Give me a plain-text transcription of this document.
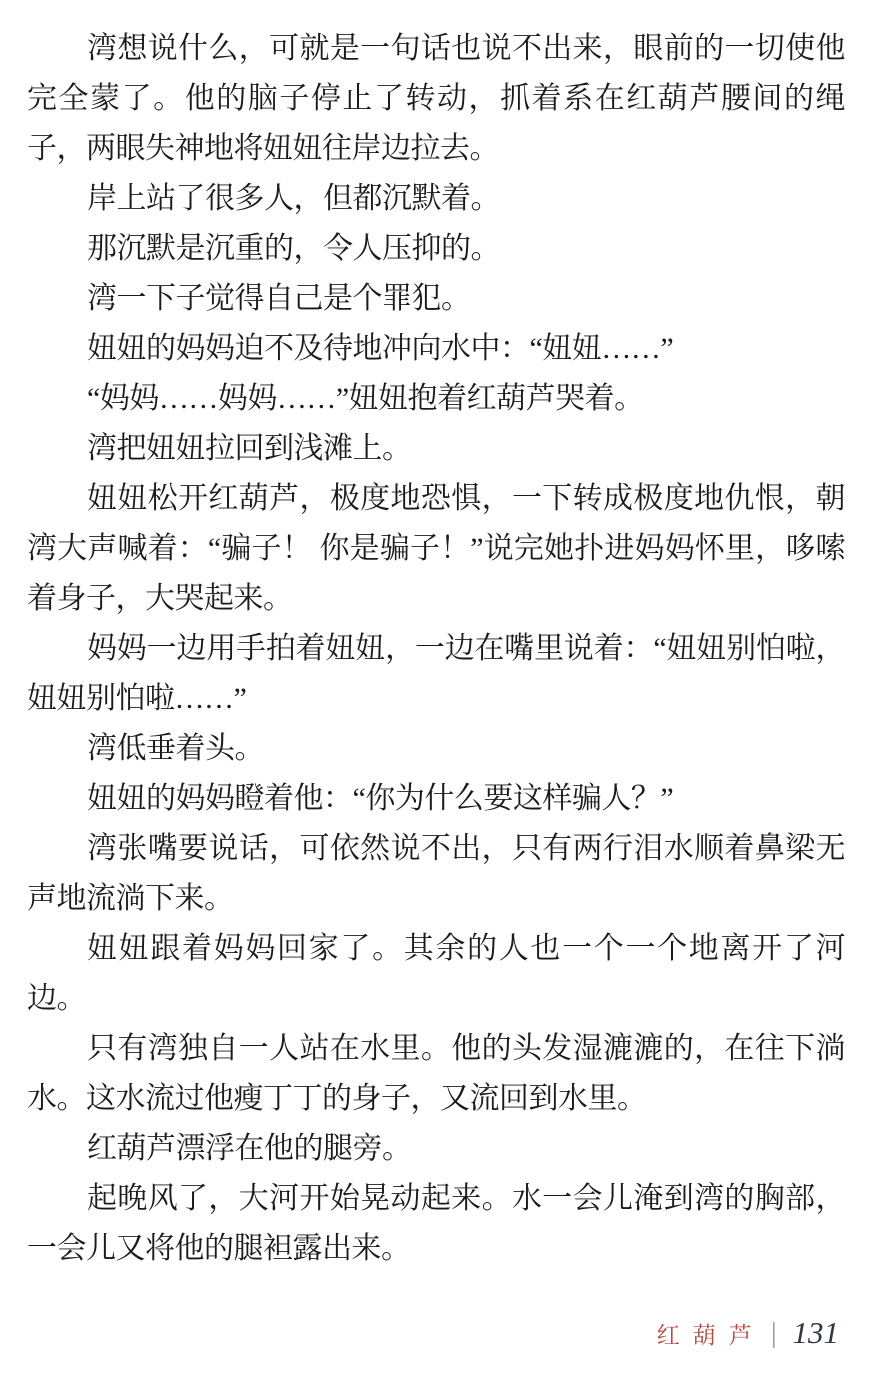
湾想说什么，可就是一句话也说不出来，眼前的一切使他完全蒙了。他的脑子停止了转动，抓着系在红葫芦腰间的绳子，两眼失神地将妞妞往岸边拉去。

岸上站了很多人，但都沉默着。

那沉默是沉重的，令人压抑的。

湾一下子觉得自己是个罪犯。

妞妞的妈妈迫不及待地冲向水中：“妞妞……”

“妈妈……妈妈……”妞妞抱着红葫芦哭着。

湾把妞妞拉回到浅滩上。

妞妞松开红葫芦，极度地恐惧，一下转成极度地仇恨，朝湾大声喊着：“骗子！ 你是骗子！”说完她扑进妈妈怀里，哆嗦着身子，大哭起来。

妈妈一边用手拍着妞妞，一边在嘴里说着：“妞妞别怕啦，妞妞别怕啦……”

湾低垂着头。

妞妞的妈妈瞪着他：“你为什么要这样骗人？”

湾张嘴要说话，可依然说不出，只有两行泪水顺着鼻梁无声地流淌下来。

妞妞跟着妈妈回家了。其余的人也一个一个地离开了河边。

只有湾独自一人站在水里。他的头发湿漉漉的，在往下淌水。这水流过他瘦丁丁的身子，又流回到水里。

红葫芦漂浮在他的腿旁。

起晚风了，大河开始晃动起来。水一会儿淹到湾的胸部，一会儿又将他的腿袒露出来。

红葫芦 | 131
